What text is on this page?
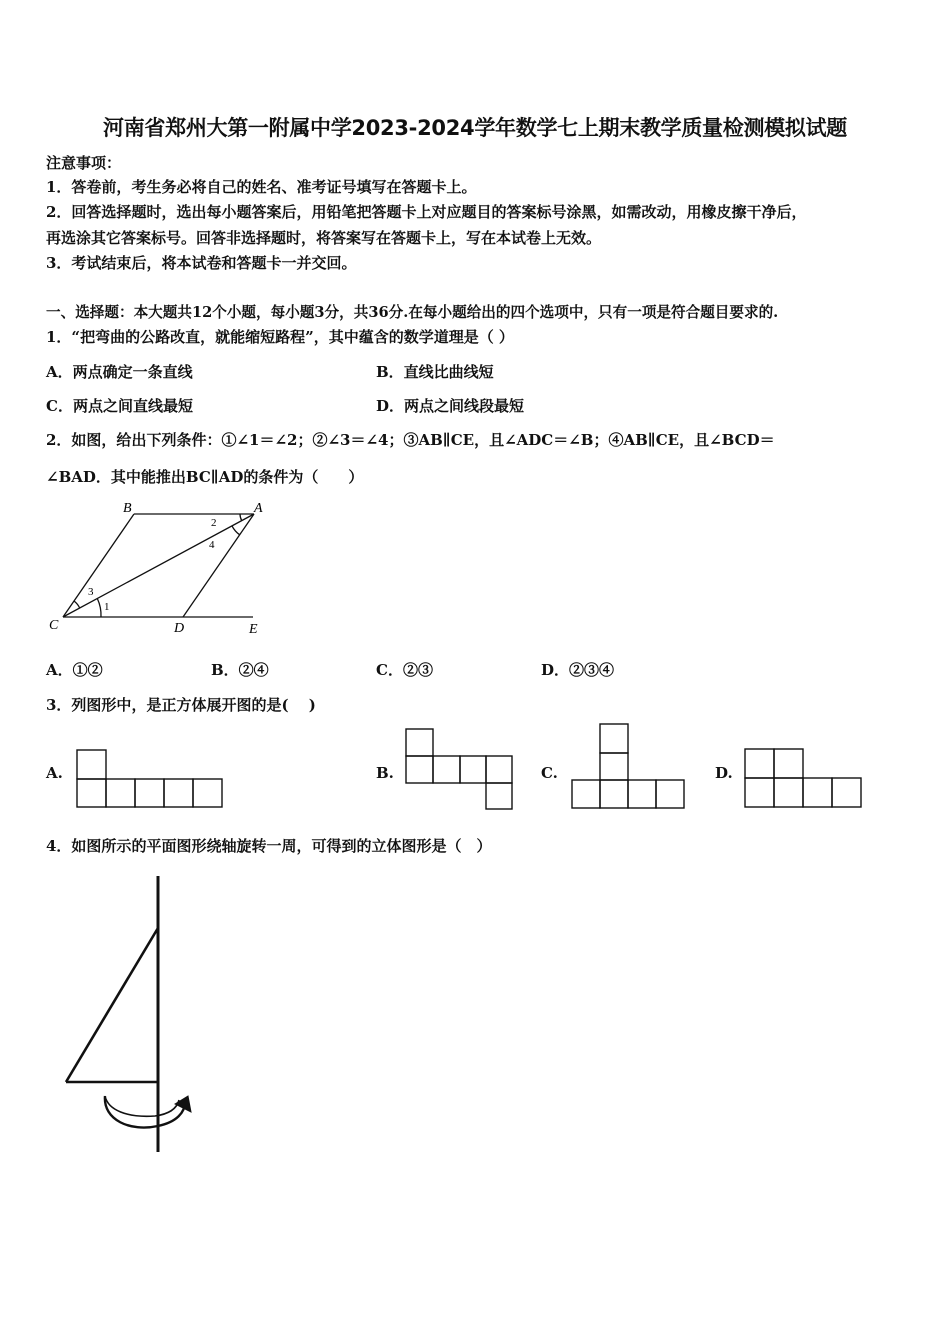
河南省郑州大第一附属中学2023-2024学年数学七上期末教学质量检测模拟试题
注意事项：
1．答卷前，考生务必将自己的姓名、准考证号填写在答题卡上。
2．回答选择题时，选出每小题答案后，用铅笔把答题卡上对应题目的答案标号涂黑，如需改动，用橡皮擦干净后，
再选涂其它答案标号。回答非选择题时，将答案写在答题卡上，写在本试卷上无效。
3．考试结束后，将本试卷和答题卡一并交回。
一、选择题：本大题共12个小题，每小题3分，共36分.在每小题给出的四个选项中，只有一项是符合题目要求的.
1．“把弯曲的公路改直，就能缩短路程”，其中蕴含的数学道理是（ ）
A．两点确定一条直线	B．直线比曲线短
C．两点之间直线最短	D．两点之间线段最短
2．如图，给出下列条件：①∠1＝∠2；②∠3＝∠4；③AB∥CE，且∠ADC＝∠B；④AB∥CE，且∠BCD＝
∠BAD．其中能推出BC∥AD的条件为（　　）
B	A
C	D	E
2
4
3
1
A．①②	B．②④	C．②③	D．②③④
3．列图形中，是正方体展开图的是(　 )
A.	B.	C.	D.
4．如图所示的平面图形绕轴旋转一周，可得到的立体图形是（　）
